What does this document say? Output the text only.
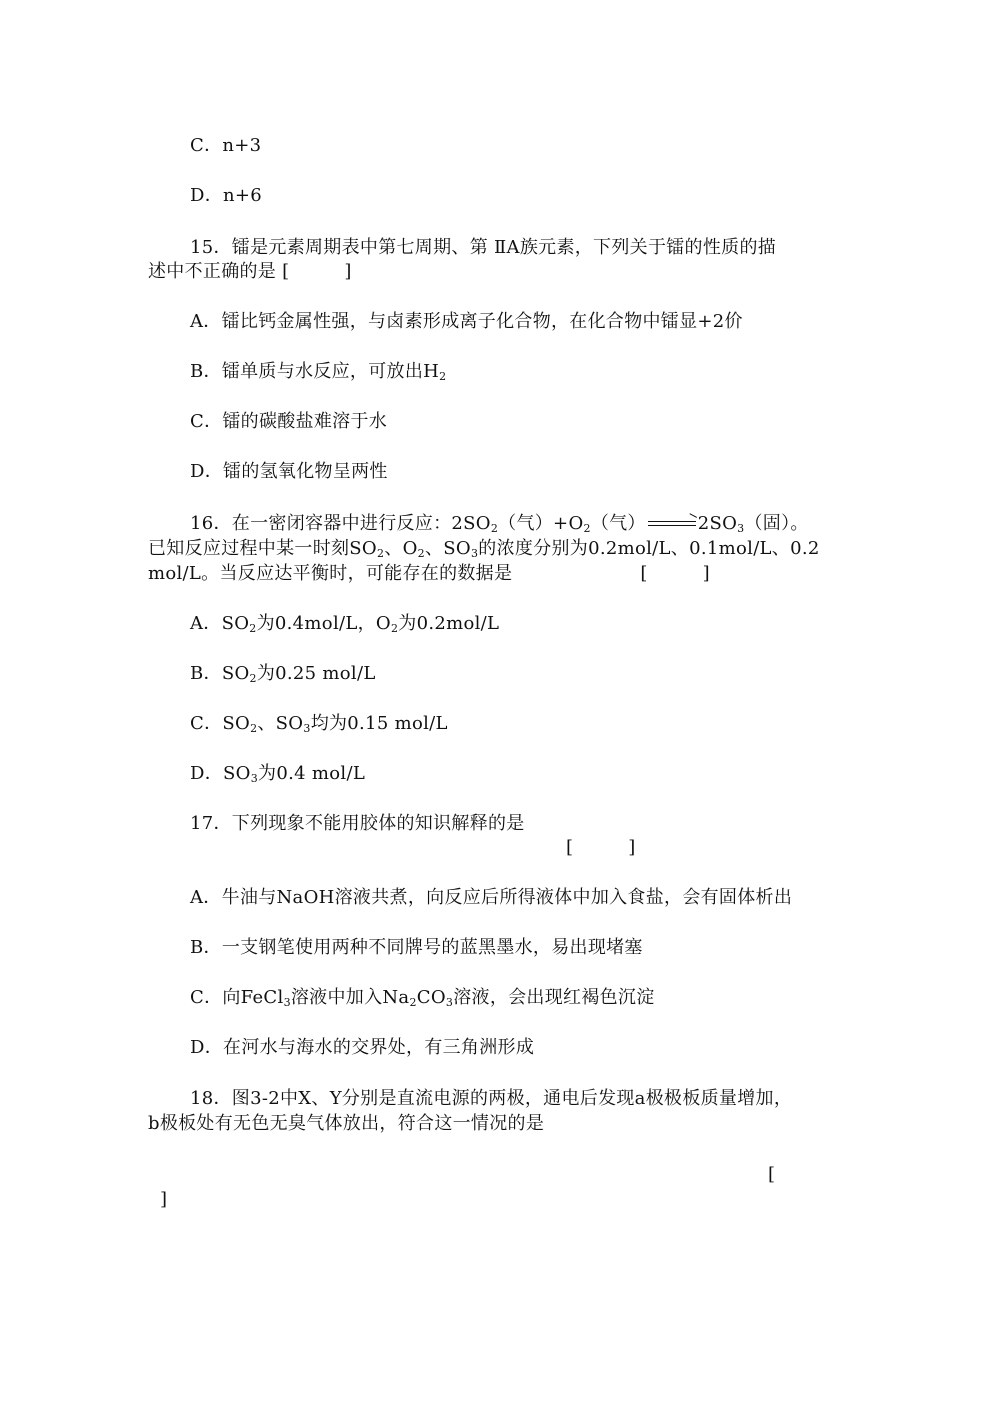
C．n+3
D．n+6
15．镭是元素周期表中第七周期、第 ⅡA族元素，下列关于镭的性质的描
述中不正确的是 [　　　]
A．镭比钙金属性强，与卤素形成离子化合物，在化合物中镭显+2价
B．镭单质与水反应，可放出$H_2$
C．镭的碳酸盐难溶于水
D．镭的氢氧化物呈两性
16．在一密闭容器中进行反应：$2SO_2$（气）$+O_2$（气） → $2SO_3$（固）。
已知反应过程中某一时刻$SO_2$、$O_2$、$SO_3$的浓度分别为0.2mol/L、0.1mol/L、0.2
mol/L。当反应达平衡时，可能存在的数据是　　　　　　　[　　　]
A．$SO_2$为0.4mol/L，$O_2$为0.2mol/L
B．$SO_2$为0.25 mol/L
C．$SO_2$、$SO_3$均为0.15 mol/L
D．$SO_3$为0.4 mol/L
17．下列现象不能用胶体的知识解释的是
[　　　]
A．牛油与NaOH溶液共煮，向反应后所得液体中加入食盐，会有固体析出
B．一支钢笔使用两种不同牌号的蓝黑墨水，易出现堵塞
C．向FeCl$_3$溶液中加入$Na_2CO_3$溶液，会出现红褐色沉淀
D．在河水与海水的交界处，有三角洲形成
18．图3-2中X、Y分别是直流电源的两极，通电后发现a极极板质量增加，
b极板处有无色无臭气体放出，符合这一情况的是
[
]
